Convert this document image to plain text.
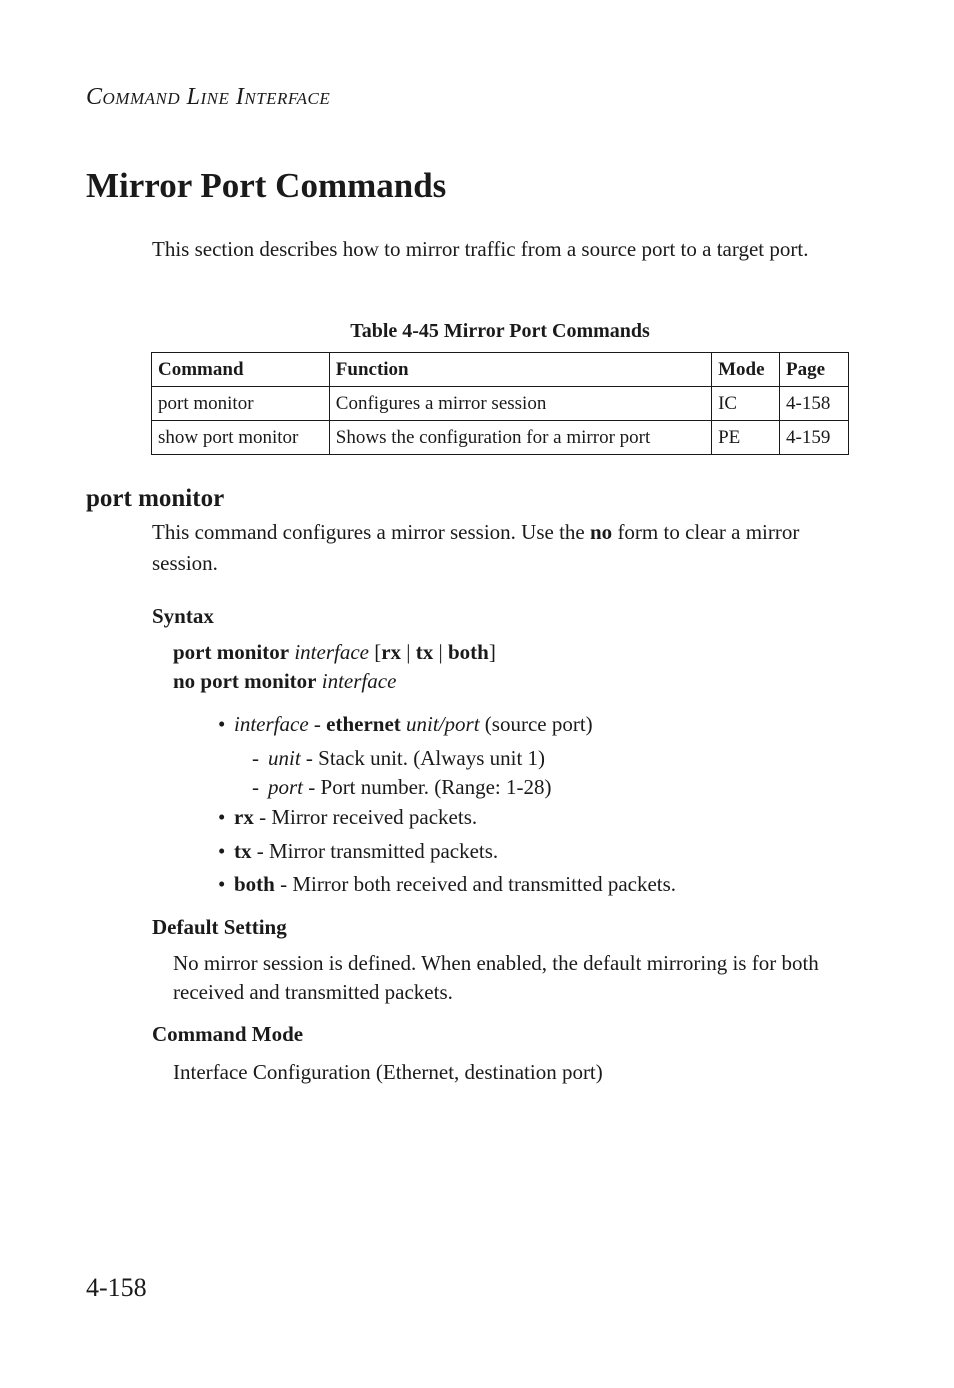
COMMAND LINE INTERFACE
Mirror Port Commands

This section describes how to mirror traffic from a source port to a target port.

Table 4-45 Mirror Port Commands
Command	Function	Mode	Page
port monitor	Configures a mirror session	IC	4-158
show port monitor	Shows the configuration for a mirror port	PE	4-159
port monitor

This command configures a mirror session. Use the no form to clear a mirror session.

Syntax
port monitor interface [rx | tx | both]
no port monitor interface
• interface - ethernet unit/port (source port)
- unit - Stack unit. (Always unit 1)
- port - Port number. (Range: 1-28)
• rx - Mirror received packets.
• tx - Mirror transmitted packets.
• both - Mirror both received and transmitted packets.
Default Setting

No mirror session is defined. When enabled, the default mirroring is for both received and transmitted packets.

Command Mode

Interface Configuration (Ethernet, destination port)

4-158
